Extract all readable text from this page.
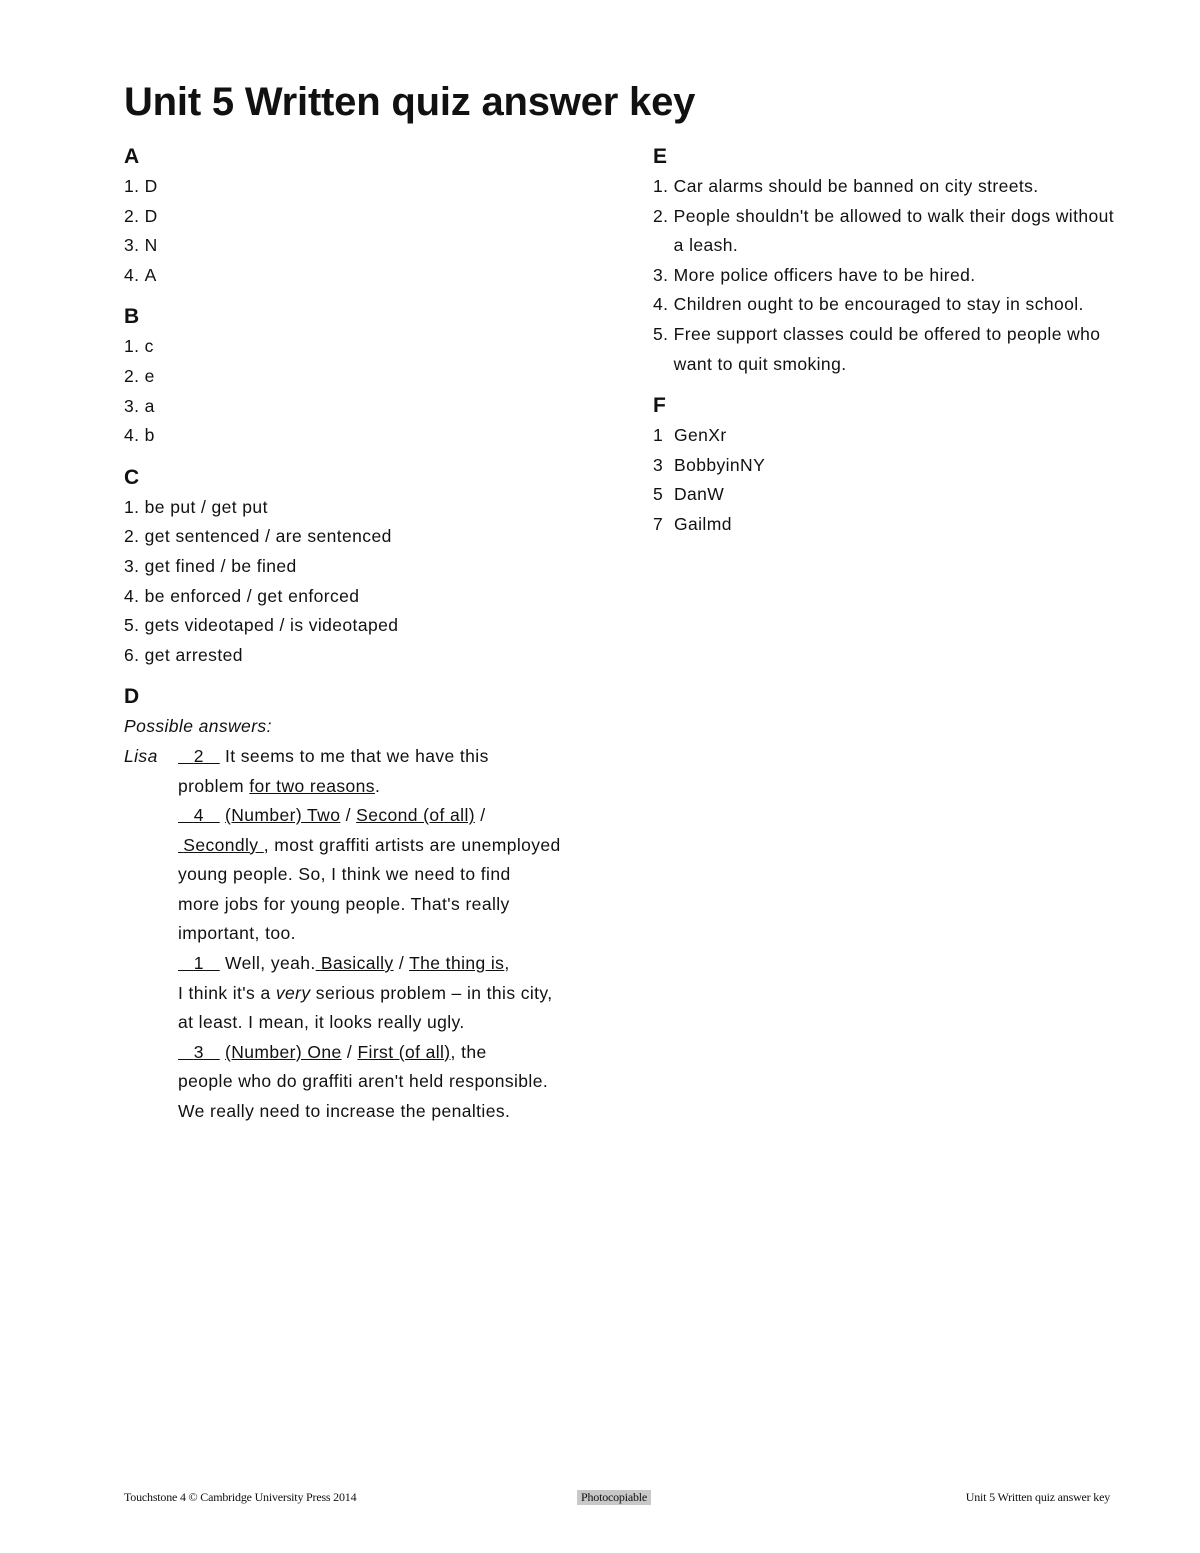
Unit 5 Written quiz answer key
A
1.
D
2.
D
3.
N
4.
A
B
1.
c
2.
e
3.
a
4.
b
C
1.
be put / get put
2.
get sentenced / are sentenced
3.
get fined / be fined
4.
be enforced / get enforced
5.
gets videotaped / is videotaped
6.
get arrested
D
Possible answers:
Lisa	2 It seems to me that we have this
problem for two reasons.
4 (Number) Two / Second (of all) /
Secondly , most graffiti artists are unemployed
young people. So, I think we need to find
more jobs for young people. That's really
important, too.
1 Well, yeah. Basically / The thing is,
I think it's a very serious problem – in this city,
at least. I mean, it looks really ugly.
3 (Number) One / First (of all), the
people who do graffiti aren't held responsible.
We really need to increase the penalties.
E
1.
Car alarms should be banned on city streets.
2.
People shouldn't be allowed to walk their dogs without a leash.
3.
More police officers have to be hired.
4.
Children ought to be encouraged to stay in school.
5.
Free support classes could be offered to people who want to quit smoking.
F
1 GenXr
3 BobbyinNY
5 DanW
7 Gailmd
Touchstone 4 © Cambridge University Press 2014	Photocopiable	Unit 5 Written quiz answer key
